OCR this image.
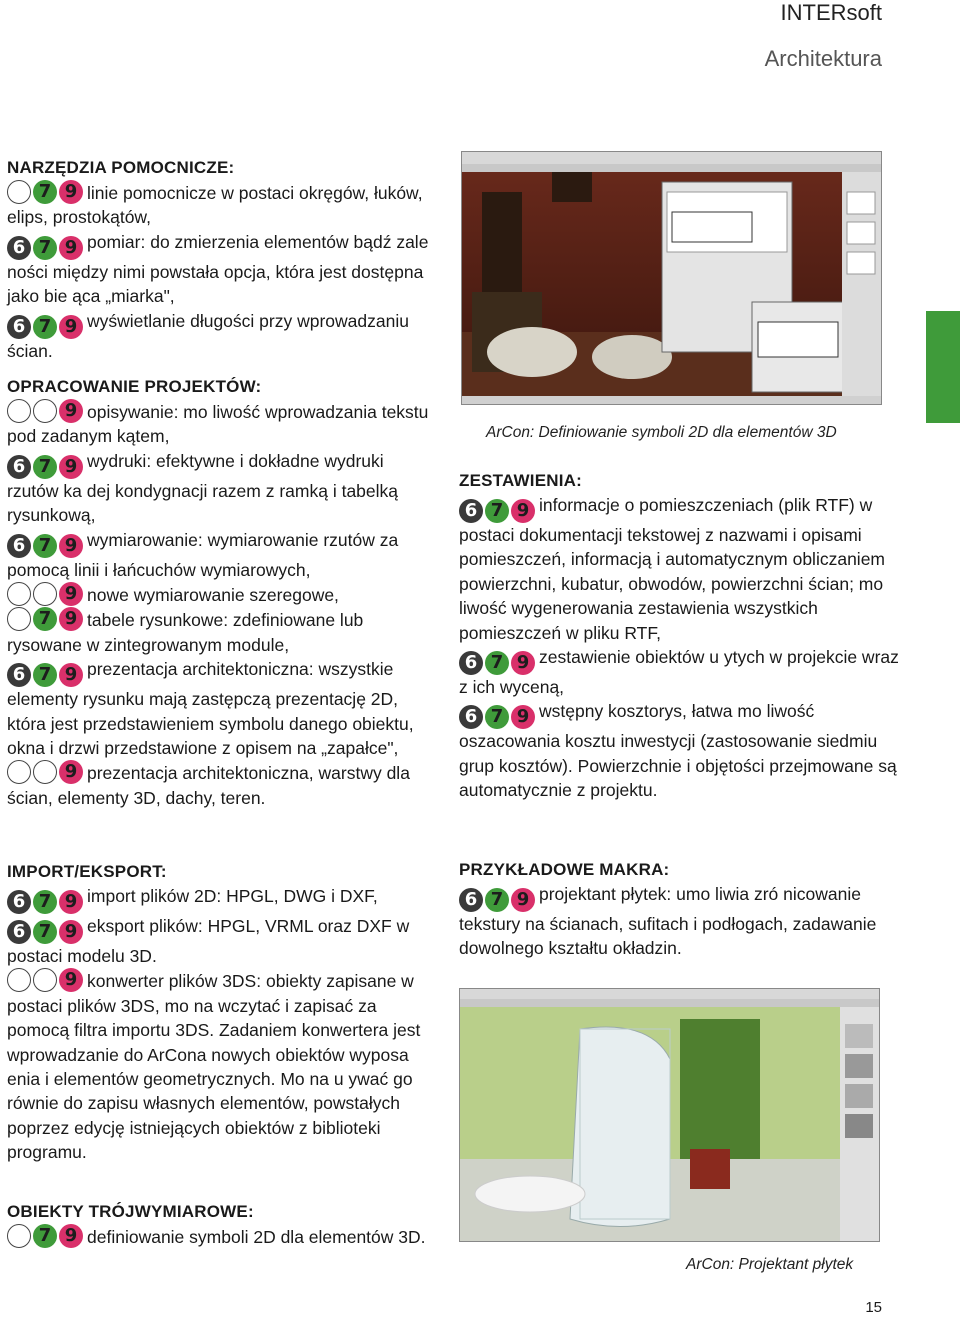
INTERsoft
Architektura
NARZĘDZIA POMOCNICZE:

7 9 linie pomocnicze w postaci okręgów, łuków, elips, prostokątów,

6 7 9 pomiar: do zmierzenia elementów bądź zale ności między nimi powstała opcja, która jest dostępna jako bie ąca „miarka",

6 7 9 wyświetlanie długości przy wprowadzaniu ścian.

OPRACOWANIE PROJEKTÓW:

9 opisywanie: mo liwość wprowadzania tekstu pod zadanym kątem,

6 7 9 wydruki: efektywne i dokładne wydruki rzutów ka dej kondygnacji razem z ramką i tabelką rysunkową,

6 7 9 wymiarowanie: wymiarowanie rzutów za pomocą linii i łańcuchów wymiarowych,

9 nowe wymiarowanie szeregowe,

7 9 tabele rysunkowe: zdefiniowane lub rysowane w zintegrowanym module,

6 7 9 prezentacja architektoniczna: wszystkie elementy rysunku mają zastępczą prezentację 2D, która jest przedstawieniem symbolu danego obiektu, okna i drzwi przedstawione z opisem na „zapałce",

9 prezentacja architektoniczna, warstwy dla ścian, elementy 3D, dachy, teren.

IMPORT/EKSPORT:

6 7 9 import plików 2D: HPGL, DWG i DXF,

6 7 9 eksport plików: HPGL, VRML oraz DXF w postaci modelu 3D.

9 konwerter plików 3DS: obiekty zapisane w postaci plików 3DS, mo na wczytać i zapisać za pomocą filtra importu 3DS. Zadaniem konwertera jest wprowadzanie do ArCona nowych obiektów wyposa enia i elementów geometrycznych. Mo na u ywać go równie do zapisu własnych elementów, powstałych poprzez edycję istniejących obiektów z biblioteki programu.

OBIEKTY TRÓJWYMIAROWE:

7 9 definiowanie symboli 2D dla elementów 3D.

ZESTAWIENIA:

6 7 9 informacje o pomieszczeniach (plik RTF) w postaci dokumentacji tekstowej z nazwami i opisami pomieszczeń, informacją i automatycznym obliczaniem powierzchni, kubatur, obwodów, powierzchni ścian; mo liwość wygenerowania zestawienia wszystkich pomieszczeń w pliku RTF,

6 7 9 zestawienie obiektów u ytych w projekcie wraz z ich wyceną,

6 7 9 wstępny kosztorys, łatwa mo liwość oszacowania kosztu inwestycji (zastosowanie siedmiu grup kosztów). Powierzchnie i objętości przejmowane są automatycznie z projektu.

PRZYKŁADOWE MAKRA:

6 7 9 projektant płytek: umo liwia zró nicowanie tekstury na ścianach, sufitach i podłogach, zadawanie dowolnego kształtu okładzin.

ArCon: Definiowanie symboli 2D dla elementów 3D
ArCon: Projektant płytek
15
